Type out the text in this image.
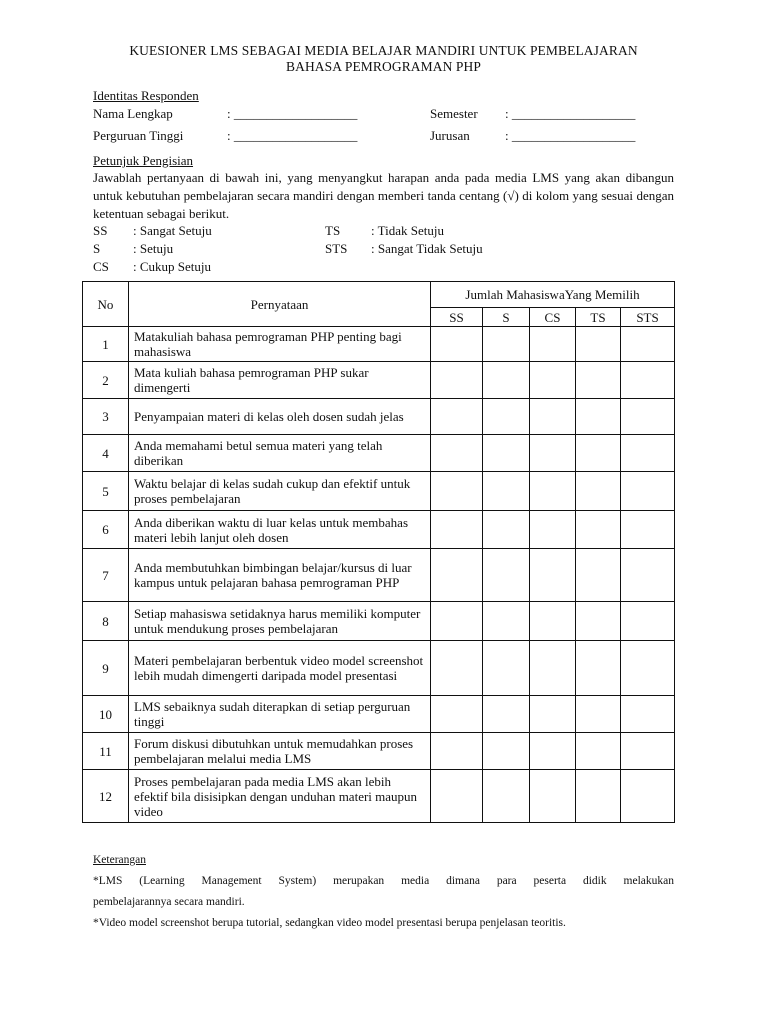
KUESIONER LMS SEBAGAI MEDIA BELAJAR MANDIRI UNTUK PEMBELAJARAN
BAHASA PEMROGRAMAN PHP
Identitas Responden
Nama Lengkap	: ___________________	Semester : ___________________
Perguruan Tinggi	: ___________________	Jurusan	: ___________________
Petunjuk Pengisian
Jawablah pertanyaan di bawah ini, yang menyangkut harapan anda pada media LMS yang akan dibangun untuk kebutuhan pembelajaran secara mandiri dengan memberi tanda centang (√) di kolom yang sesuai dengan ketentuan sebagai berikut.
SS : Sangat Setuju	TS : Tidak Setuju
S	: Setuju	STS : Sangat Tidak Setuju
CS : Cukup Setuju
No	Pernyataan	Jumlah MahasiswaYang Memilih				
		SS	S	CS	TS	STS
1	Matakuliah bahasa pemrograman PHP penting bagi mahasiswa					
2	Mata kuliah bahasa pemrograman PHP sukar dimengerti					
3	Penyampaian materi di kelas oleh dosen sudah jelas					
4	Anda memahami betul semua materi yang telah diberikan					
5	Waktu belajar di kelas sudah cukup dan efektif untuk proses pembelajaran					
6	Anda diberikan waktu di luar kelas untuk membahas materi lebih lanjut oleh dosen					
7	Anda membutuhkan bimbingan belajar/kursus di luar kampus untuk pelajaran bahasa pemrograman PHP					
8	Setiap mahasiswa setidaknya harus memiliki komputer untuk mendukung proses pembelajaran					
9	Materi pembelajaran berbentuk video model screenshot lebih mudah dimengerti daripada model presentasi					
10	LMS sebaiknya sudah diterapkan di setiap perguruan tinggi					
11	Forum diskusi dibutuhkan untuk memudahkan proses pembelajaran melalui media LMS					
12	Proses pembelajaran pada media LMS akan lebih efektif bila disisipkan dengan unduhan materi maupun video					
Keterangan
*LMS (Learning Management System) merupakan media dimana para peserta didik melakukan
pembelajarannya secara mandiri.
*Video model screenshot berupa tutorial, sedangkan video model presentasi berupa penjelasan teoritis.
